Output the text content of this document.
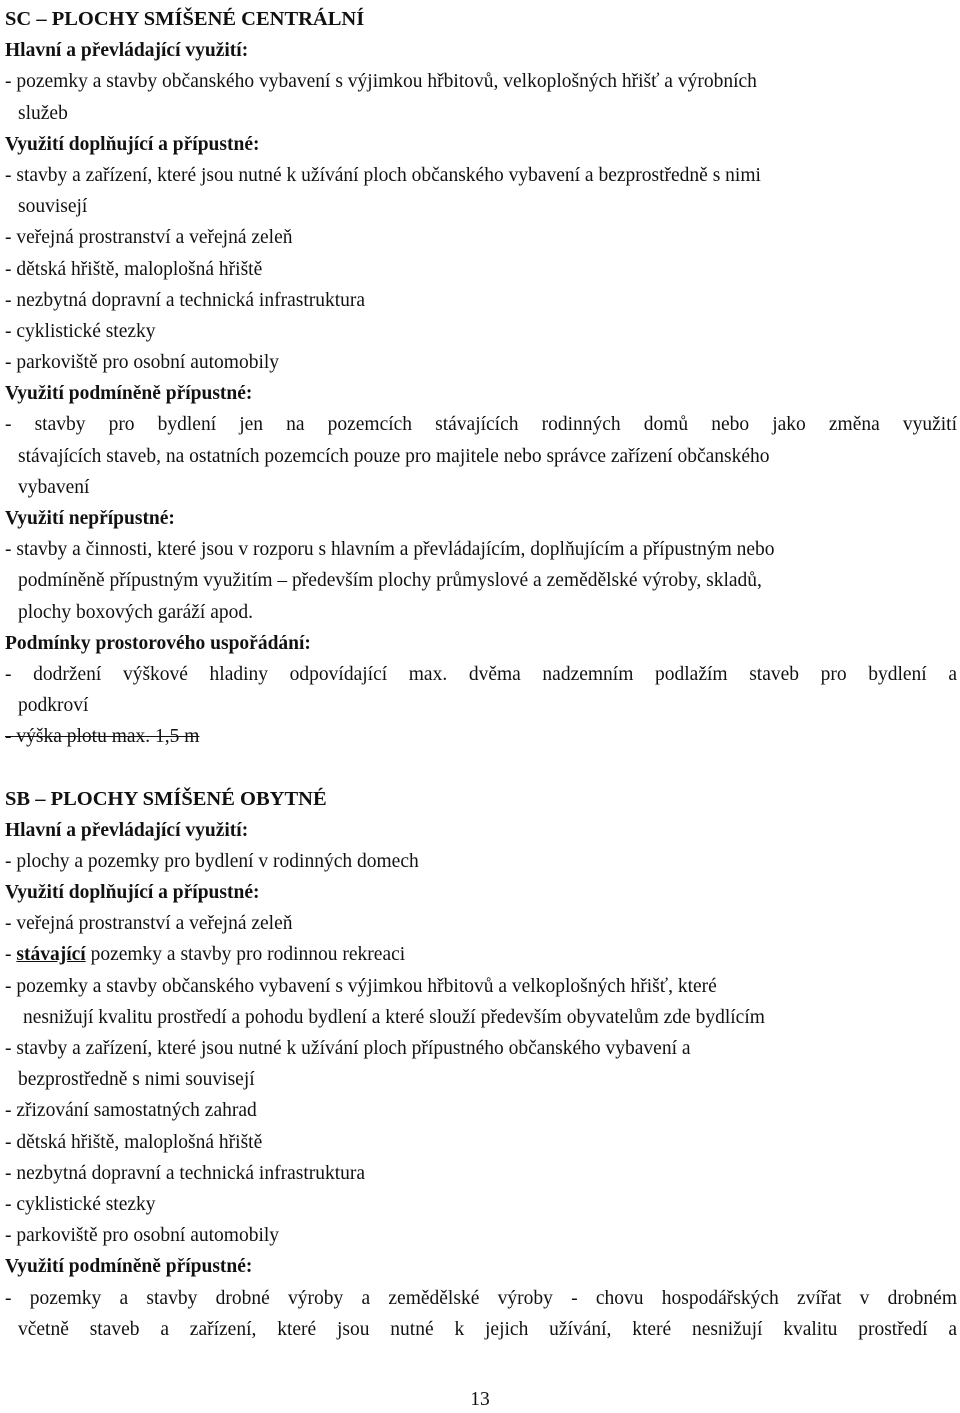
SC – PLOCHY SMÍŠENÉ CENTRÁLNÍ
Hlavní a převládající využití:
- pozemky a stavby občanského vybavení s výjimkou hřbitovů, velkoplošných hřišť a výrobních
služeb
Využití doplňující a přípustné:
- stavby a zařízení, které jsou nutné k užívání ploch občanského vybavení a bezprostředně s nimi
souvisejí
- veřejná prostranství a veřejná zeleň
- dětská hřiště, maloplošná hřiště
- nezbytná dopravní a technická infrastruktura
- cyklistické stezky
- parkoviště pro osobní automobily
Využití podmíněně přípustné:
- stavby pro bydlení jen na pozemcích stávajících rodinných domů nebo jako změna využití
stávajících staveb, na ostatních pozemcích pouze pro majitele nebo správce zařízení občanského
vybavení
Využití nepřípustné:
- stavby a činnosti, které jsou v rozporu s hlavním a převládajícím, doplňujícím a přípustným nebo
podmíněně přípustným využitím – především plochy průmyslové a zemědělské výroby, skladů,
plochy boxových garáží apod.
Podmínky prostorového uspořádání:
- dodržení výškové hladiny odpovídající max. dvěma nadzemním podlažím staveb pro bydlení a
podkroví
- výška plotu max. 1,5 m
SB – PLOCHY SMÍŠENÉ OBYTNÉ
Hlavní a převládající využití:
- plochy a pozemky pro bydlení v rodinných domech
Využití doplňující a přípustné:
- veřejná prostranství a veřejná zeleň
- stávající pozemky a stavby pro rodinnou rekreaci
- pozemky a stavby občanského vybavení s výjimkou hřbitovů a velkoplošných hřišť, které
nesnižují kvalitu prostředí a pohodu bydlení a které slouží především obyvatelům zde bydlícím
- stavby a zařízení, které jsou nutné k užívání ploch přípustného občanského vybavení a
bezprostředně s nimi souvisejí
- zřizování samostatných zahrad
- dětská hřiště, maloplošná hřiště
- nezbytná dopravní a technická infrastruktura
- cyklistické stezky
- parkoviště pro osobní automobily
Využití podmíněně přípustné:
- pozemky a stavby drobné výroby a zemědělské výroby - chovu hospodářských zvířat v drobném
včetně staveb a zařízení, které jsou nutné k jejich užívání, které nesnižují kvalitu prostředí a
13
